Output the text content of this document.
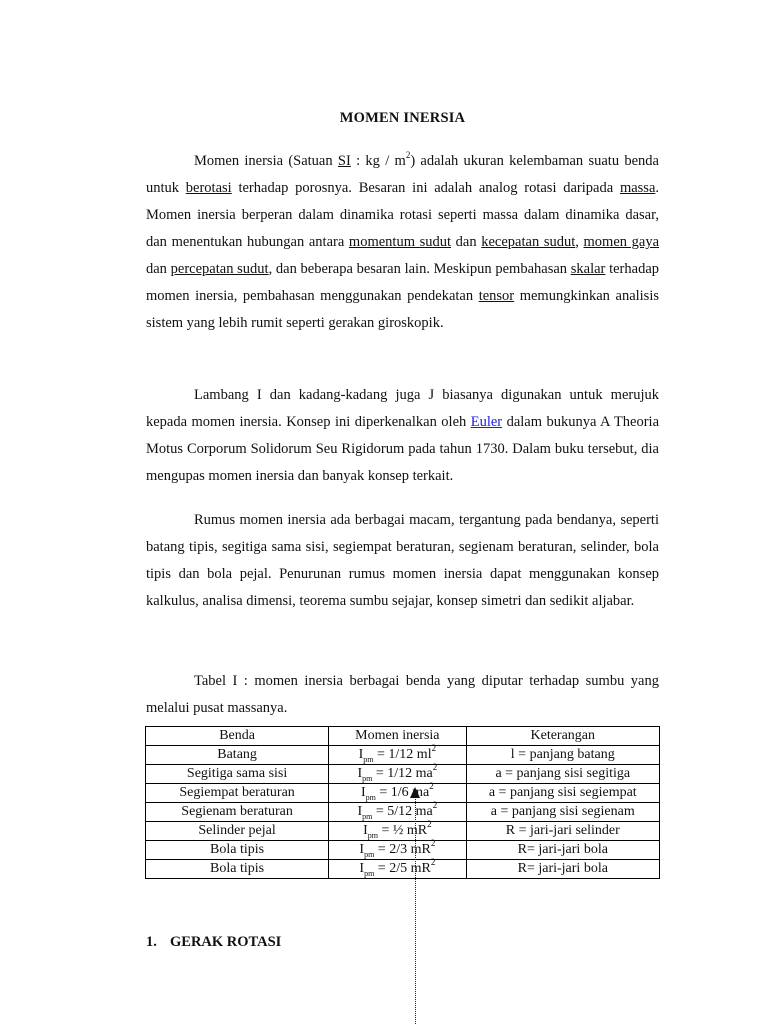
MOMEN INERSIA

Momen inersia (Satuan SI : kg / $m^2$) adalah ukuran kelembaman suatu benda untuk berotasi terhadap porosnya. Besaran ini adalah analog rotasi daripada massa. Momen inersia berperan dalam dinamika rotasi seperti massa dalam dinamika dasar, dan menentukan hubungan antara momentum sudut dan kecepatan sudut, momen gaya dan percepatan sudut, dan beberapa besaran lain. Meskipun pembahasan skalar terhadap momen inersia, pembahasan menggunakan pendekatan tensor memungkinkan analisis sistem yang lebih rumit seperti gerakan giroskopik.

Lambang I dan kadang-kadang juga J biasanya digunakan untuk merujuk kepada momen inersia. Konsep ini diperkenalkan oleh Euler dalam bukunya A Theoria Motus Corporum Solidorum Seu Rigidorum pada tahun 1730. Dalam buku tersebut, dia mengupas momen inersia dan banyak konsep terkait.

Rumus momen inersia ada berbagai macam, tergantung pada bendanya, seperti batang tipis, segitiga sama sisi, segiempat beraturan, segienam beraturan, selinder, bola tipis dan bola pejal. Penurunan rumus momen inersia dapat menggunakan konsep kalkulus, analisa dimensi, teorema sumbu sejajar, konsep simetri dan sedikit aljabar.

Tabel I : momen inersia berbagai benda yang diputar terhadap sumbu yang melalui pusat massanya.

Benda	Momen inersia	Keterangan
Batang	$I_{pm} = 1/12$ $ml^2$	l = panjang batang
Segitiga sama sisi	$I_{pm} = 1/12$ $ma^2$	a = panjang sisi segitiga
Segiempat beraturan	$I_{pm} = 1/6$ $ma^2$	a = panjang sisi segiempat
Segienam beraturan	$I_{pm} = 5/12$ $ma^2$	a = panjang sisi segienam
Selinder pejal	$I_{pm}$ = ½ $mR^2$	R = jari-jari selinder
Bola tipis	$I_{pm} = 2/3$ $mR^2$	R= jari-jari bola
Bola tipis	$I_{pm} = 2/5$ $mR^2$	R= jari-jari bola
1. GERAK ROTASI
